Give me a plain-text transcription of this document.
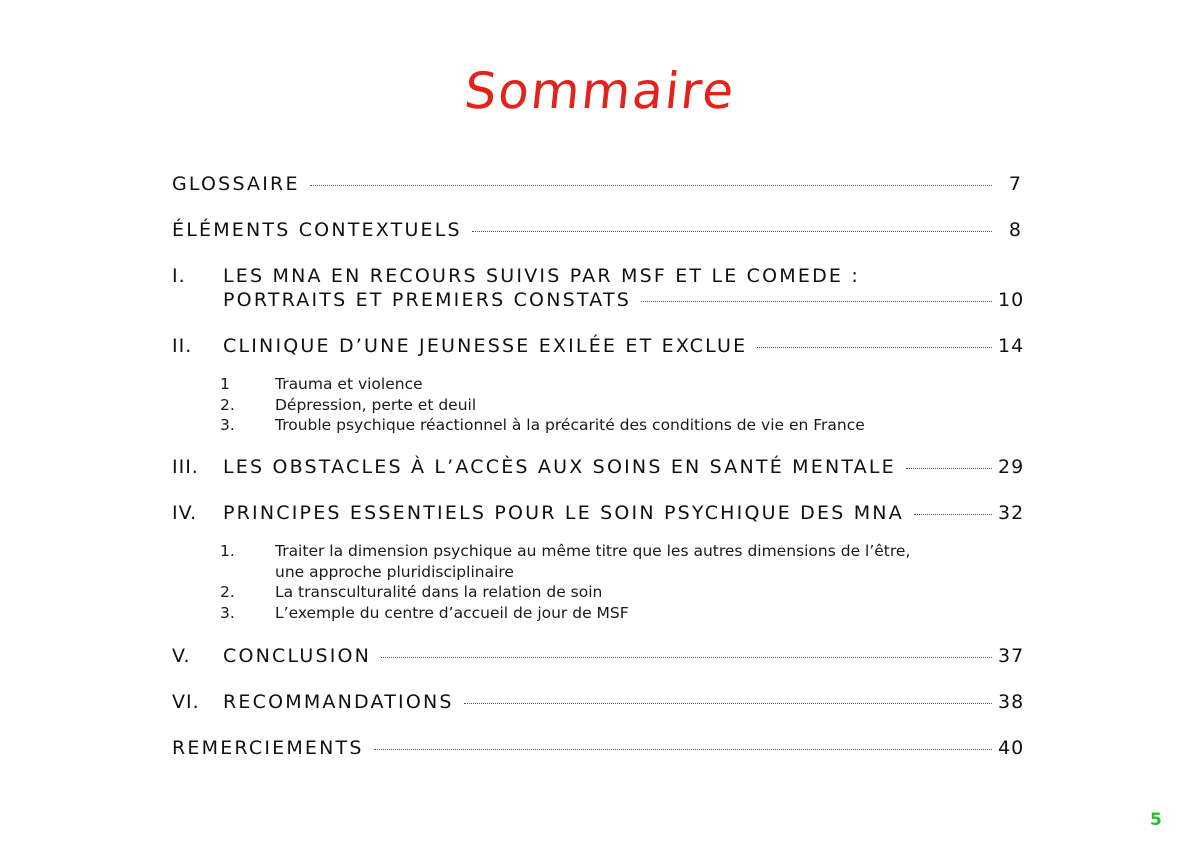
Sommaire
GLOSSAIRE	7
ÉLÉMENTS CONTEXTUELS	8
I.	LES MNA EN RECOURS SUIVIS PAR MSF ET LE COMEDE :
PORTRAITS ET PREMIERS CONSTATS	10
II.	CLINIQUE D’UNE JEUNESSE EXILÉE ET EXCLUE	14
1	Trauma et violence
2.	Dépression, perte et deuil
3.	Trouble psychique réactionnel à la précarité des conditions de vie en France
III.	LES OBSTACLES À L’ACCÈS AUX SOINS EN SANTÉ MENTALE	29
IV.	PRINCIPES ESSENTIELS POUR LE SOIN PSYCHIQUE DES MNA	32
1.	Traiter la dimension psychique au même titre que les autres dimensions de l’être,
une approche pluridisciplinaire
2.	La transculturalité dans la relation de soin
3.	L’exemple du centre d’accueil de jour de MSF
V.	CONCLUSION	37
VI.	RECOMMANDATIONS	38
REMERCIEMENTS	40
5
